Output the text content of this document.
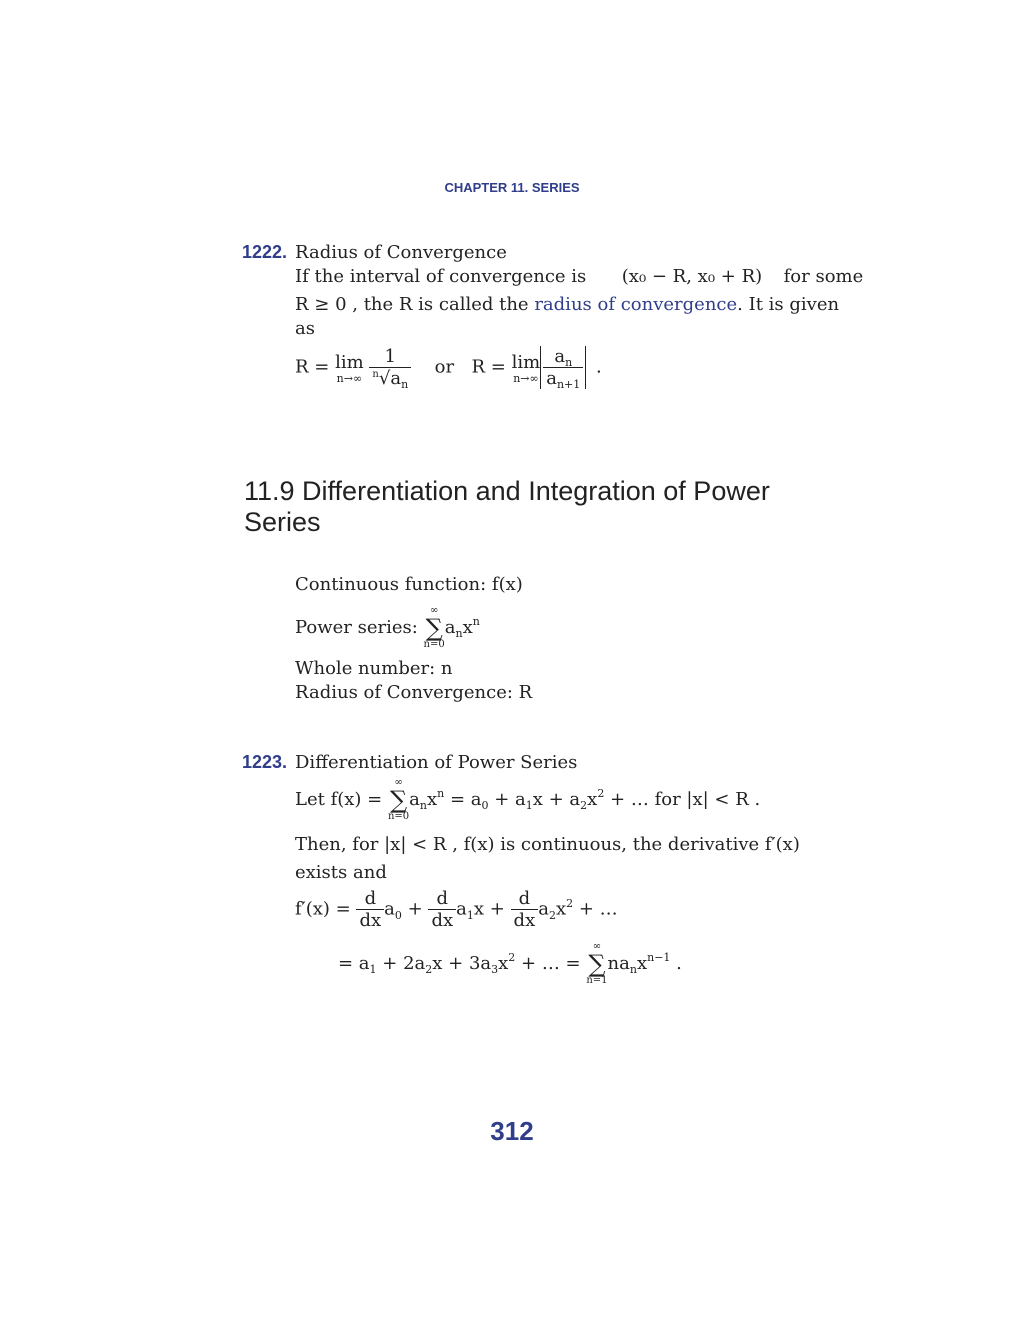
CHAPTER 11. SERIES
1222. Radius of Convergence
If the interval of convergence is (x₀ − R, x₀ + R) for some
R ≥ 0 , the R is called the radius of convergence. It is given
as
R = lim
n→∞
$\frac{1}{^n√a_n}$ or  R = lim
$n\to\infty \frac{a_n}{a_{n+1}}$ .
11.9 Differentiation and Integration of Power
Series
Continuous function: f(x)
Power series:
∞
∑
n=0
$a_nx^n$
Whole number: n
Radius of Convergence: R
1223. Differentiation of Power Series
Let f(x) =
∞
∑
n=0
$a_nx^n = a_0 + a_1x + a_2x^2$ + … for |x| < R .
Then, for |x| < R , f(x) is continuous, the derivative f′(x)
exists and
$f'(x) = \frac{d}{dx} a_0 + \frac{d}{dx} a_1x + \frac{d}{dx} a_2x^2$ + …
= $a_1 + 2a_2x + 3a_3x^2$ + … =
∞
∑
n=1
$na_nx^{n-1}$ .
312
